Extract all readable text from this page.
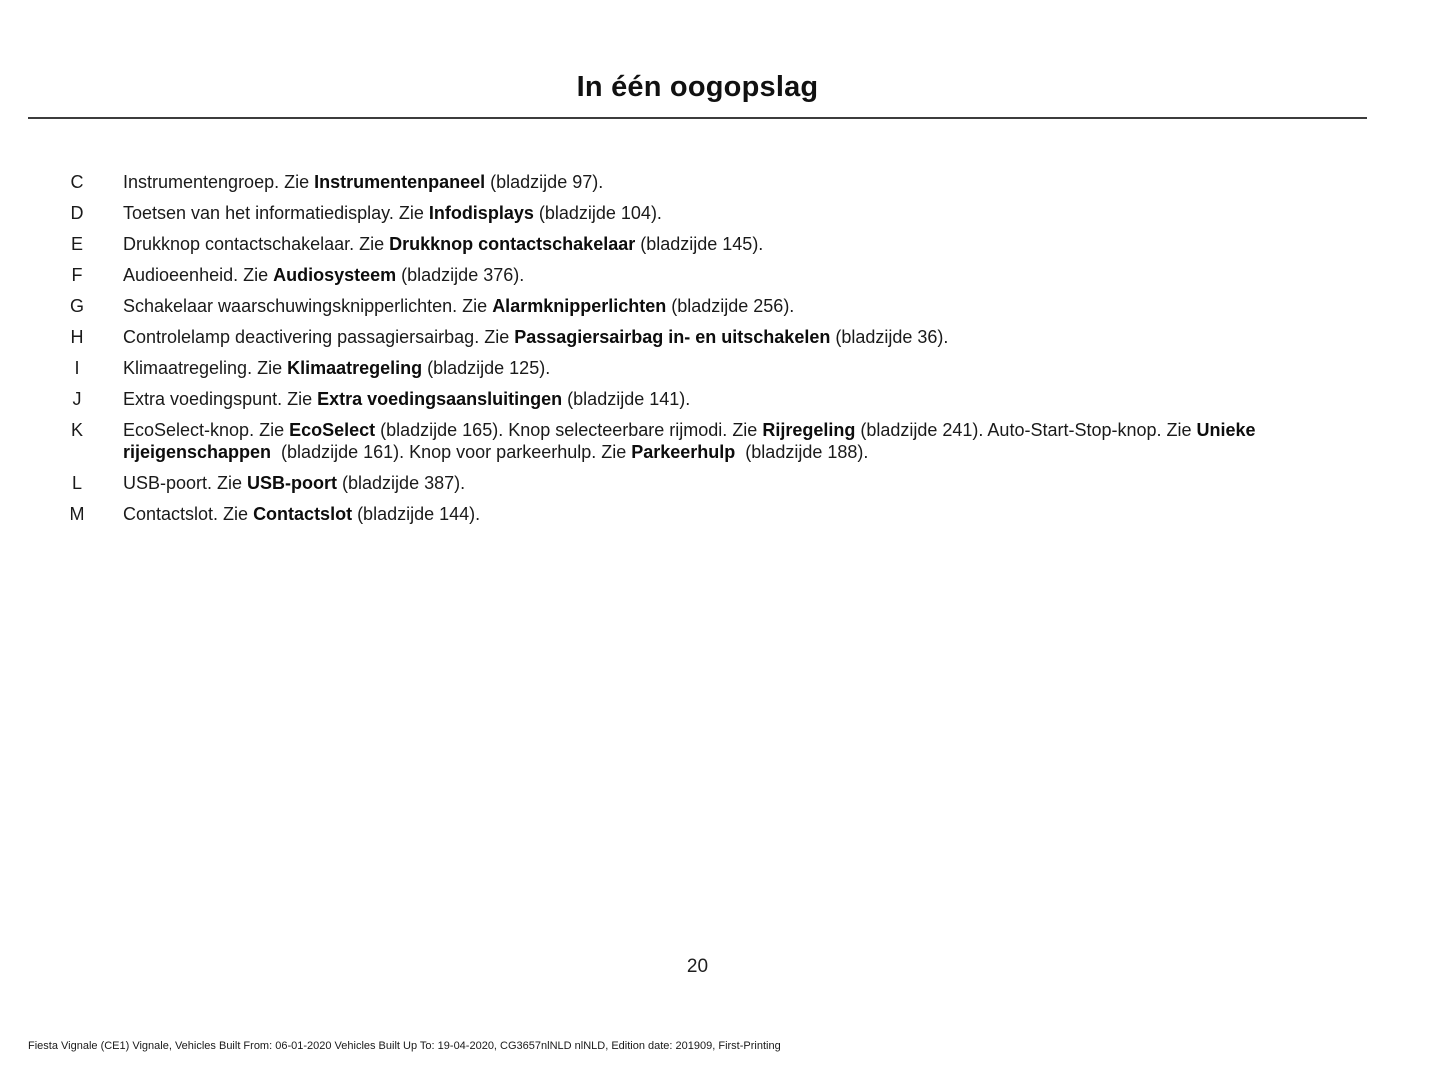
In één oogopslag
C	Instrumentengroep. Zie Instrumentenpaneel (bladzijde 97).
D	Toetsen van het informatiedisplay. Zie Infodisplays (bladzijde 104).
E	Drukknop contactschakelaar. Zie Drukknop contactschakelaar (bladzijde 145).
F	Audioeenheid. Zie Audiosysteem (bladzijde 376).
G	Schakelaar waarschuwingsknipperlichten. Zie Alarmknipperlichten (bladzijde 256).
H	Controlelamp deactivering passagiersairbag. Zie Passagiersairbag in- en uitschakelen (bladzijde 36).
I	Klimaatregeling. Zie Klimaatregeling (bladzijde 125).
J	Extra voedingspunt. Zie Extra voedingsaansluitingen (bladzijde 141).
K	EcoSelect-knop. Zie EcoSelect (bladzijde 165). Knop selecteerbare rijmodi. Zie Rijregeling (bladzijde 241). Auto-Start-Stop-knop. Zie Unieke rijeigenschappen  (bladzijde 161). Knop voor parkeerhulp. Zie Parkeerhulp  (bladzijde 188).
L	USB-poort. Zie USB-poort (bladzijde 387).
M	Contactslot. Zie Contactslot (bladzijde 144).
20
Fiesta Vignale (CE1) Vignale, Vehicles Built From: 06-01-2020 Vehicles Built Up To: 19-04-2020, CG3657nlNLD nlNLD, Edition date: 201909, First-Printing
